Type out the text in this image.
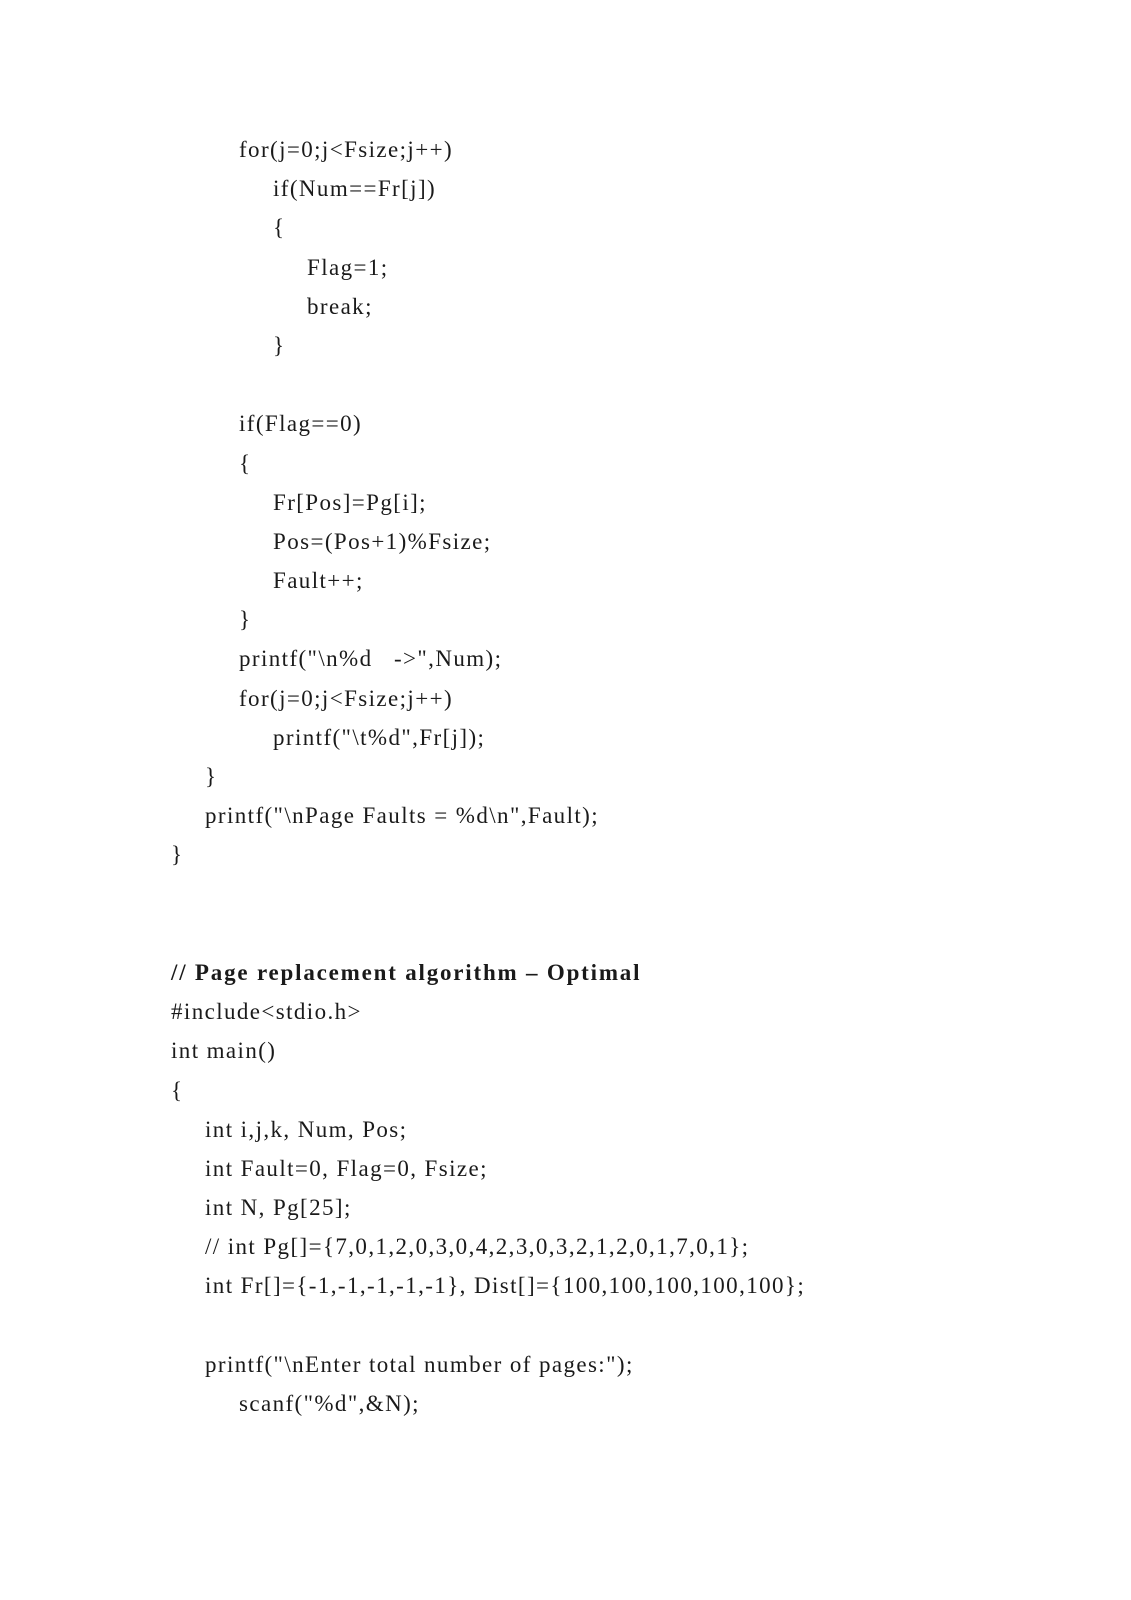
for(j=0;j<Fsize;j++)
if(Num==Fr[j])
{
Flag=1;
break;
}
if(Flag==0)
{
Fr[Pos]=Pg[i];
Pos=(Pos+1)%Fsize;
Fault++;
}
printf("\n%d   ->",Num);
for(j=0;j<Fsize;j++)
printf("\t%d",Fr[j]);
}
printf("\nPage Faults = %d\n",Fault);
}
// Page replacement algorithm – Optimal
#include<stdio.h>
int main()
{
int i,j,k, Num, Pos;
int Fault=0, Flag=0, Fsize;
int N, Pg[25];
// int Pg[]={7,0,1,2,0,3,0,4,2,3,0,3,2,1,2,0,1,7,0,1};
int Fr[]={-1,-1,-1,-1,-1}, Dist[]={100,100,100,100,100};
printf("\nEnter total number of pages:");
scanf("%d",&N);
